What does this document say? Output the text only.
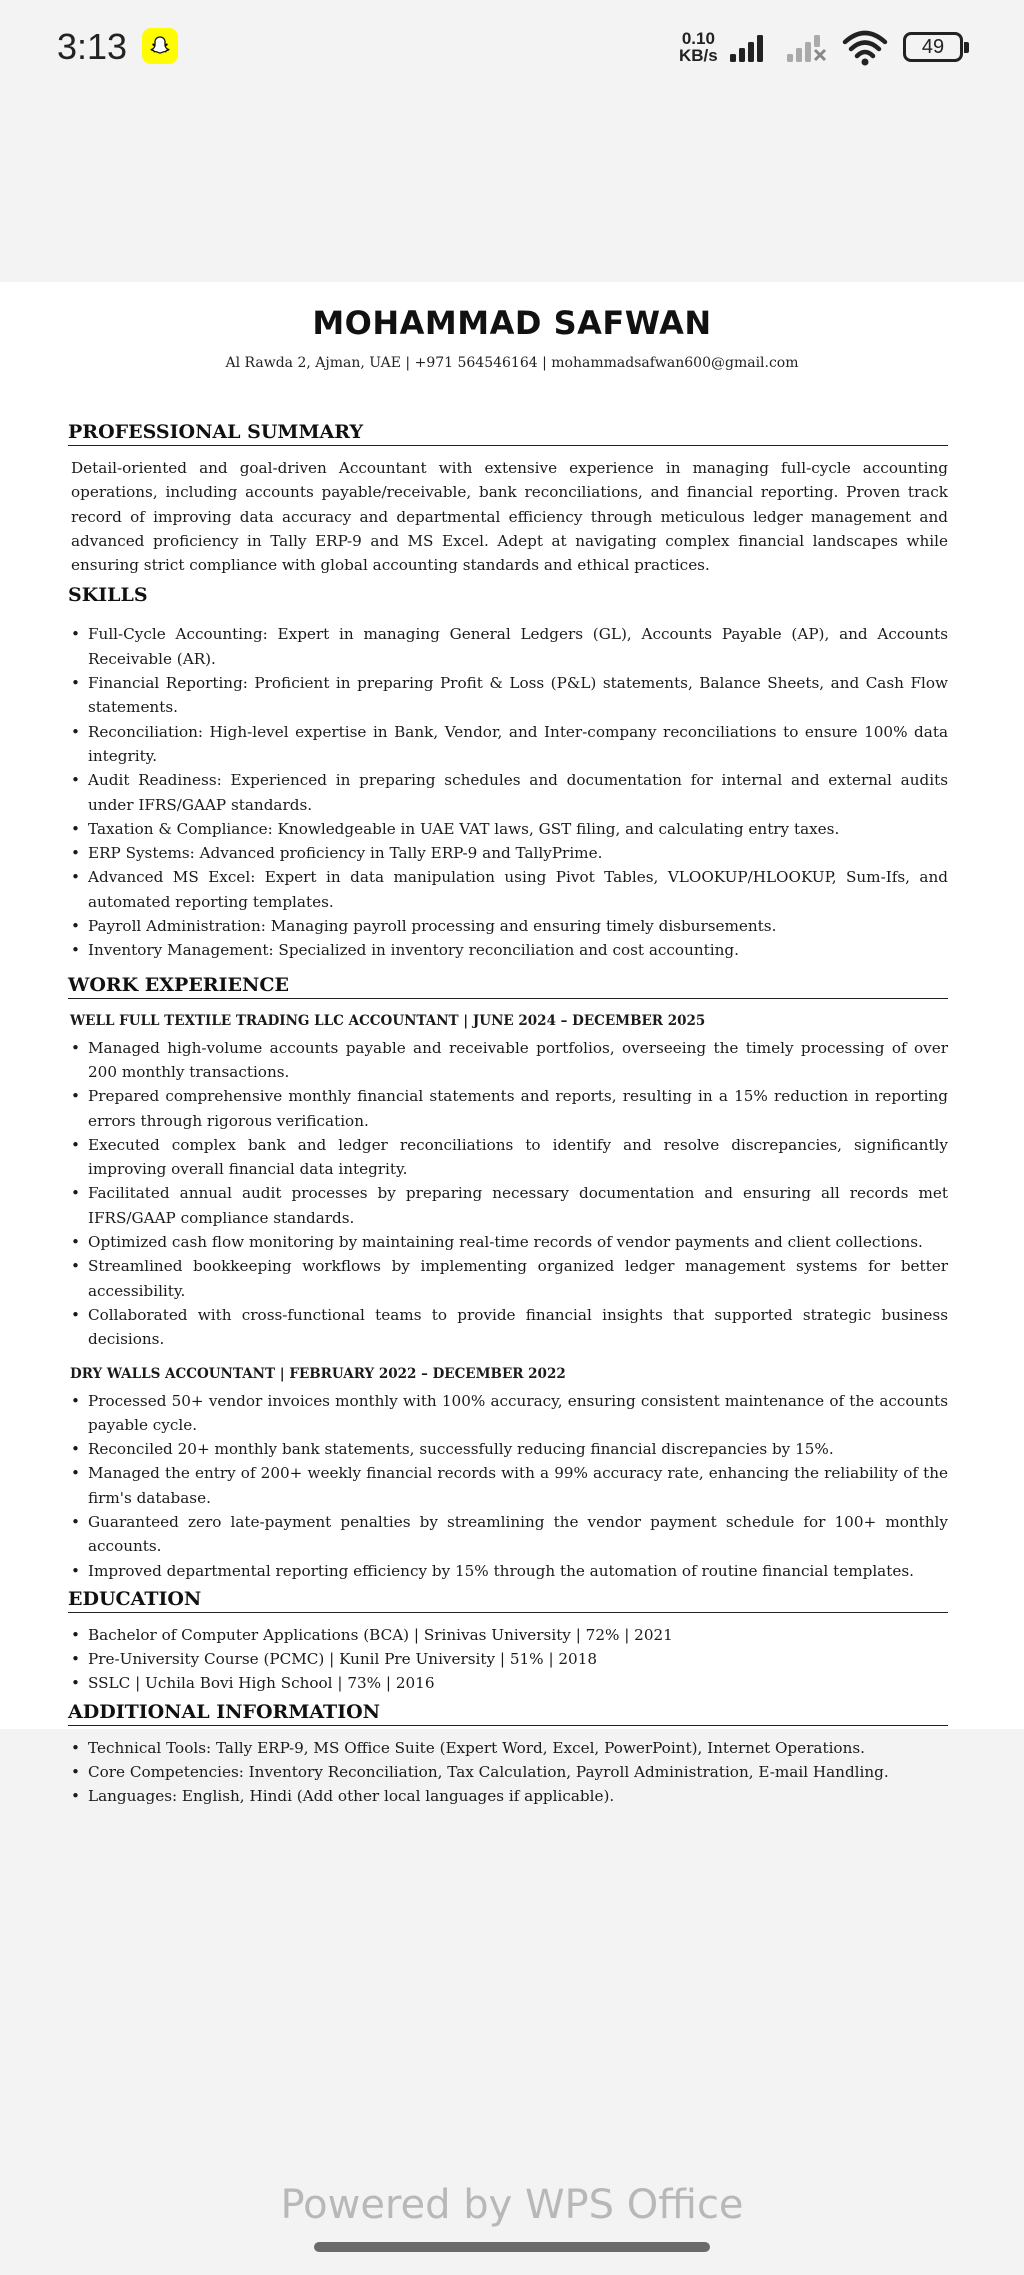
3:13	0.10
KB/s	49
MOHAMMAD SAFWAN
Al Rawda 2, Ajman, UAE | +971 564546164 | mohammadsafwan600@gmail.com
PROFESSIONAL SUMMARY

Detail-oriented and goal-driven Accountant with extensive experience in managing full-cycle accounting operations, including accounts payable/receivable, bank reconciliations, and financial reporting. Proven track record of improving data accuracy and departmental efficiency through meticulous ledger management and advanced proficiency in Tally ERP-9 and MS Excel. Adept at navigating complex financial landscapes while ensuring strict compliance with global accounting standards and ethical practices.

SKILLS
• Full-Cycle Accounting: Expert in managing General Ledgers (GL), Accounts Payable (AP), and Accounts Receivable (AR).
• Financial Reporting: Proficient in preparing Profit & Loss (P&L) statements, Balance Sheets, and Cash Flow statements.
• Reconciliation: High-level expertise in Bank, Vendor, and Inter-company reconciliations to ensure 100% data integrity.
• Audit Readiness: Experienced in preparing schedules and documentation for internal and external audits under IFRS/GAAP standards.
• Taxation & Compliance: Knowledgeable in UAE VAT laws, GST filing, and calculating entry taxes.
• ERP Systems: Advanced proficiency in Tally ERP-9 and TallyPrime.
• Advanced MS Excel: Expert in data manipulation using Pivot Tables, VLOOKUP/HLOOKUP, Sum-Ifs, and automated reporting templates.
• Payroll Administration: Managing payroll processing and ensuring timely disbursements.
• Inventory Management: Specialized in inventory reconciliation and cost accounting.
WORK EXPERIENCE
WELL FULL TEXTILE TRADING LLC ACCOUNTANT | JUNE 2024 – DECEMBER 2025
• Managed high-volume accounts payable and receivable portfolios, overseeing the timely processing of over 200 monthly transactions.
• Prepared comprehensive monthly financial statements and reports, resulting in a 15% reduction in reporting errors through rigorous verification.
• Executed complex bank and ledger reconciliations to identify and resolve discrepancies, significantly improving overall financial data integrity.
• Facilitated annual audit processes by preparing necessary documentation and ensuring all records met IFRS/GAAP compliance standards.
• Optimized cash flow monitoring by maintaining real-time records of vendor payments and client collections.
• Streamlined bookkeeping workflows by implementing organized ledger management systems for better accessibility.
• Collaborated with cross-functional teams to provide financial insights that supported strategic business decisions.
DRY WALLS ACCOUNTANT | FEBRUARY 2022 – DECEMBER 2022
• Processed 50+ vendor invoices monthly with 100% accuracy, ensuring consistent maintenance of the accounts payable cycle.
• Reconciled 20+ monthly bank statements, successfully reducing financial discrepancies by 15%.
• Managed the entry of 200+ weekly financial records with a 99% accuracy rate, enhancing the reliability of the firm's database.
• Guaranteed zero late-payment penalties by streamlining the vendor payment schedule for 100+ monthly accounts.
• Improved departmental reporting efficiency by 15% through the automation of routine financial templates.
EDUCATION
• Bachelor of Computer Applications (BCA) | Srinivas University | 72% | 2021
• Pre-University Course (PCMC) | Kunil Pre University | 51% | 2018
• SSLC | Uchila Bovi High School | 73% | 2016
ADDITIONAL INFORMATION
• Technical Tools: Tally ERP-9, MS Office Suite (Expert Word, Excel, PowerPoint), Internet Operations.
• Core Competencies: Inventory Reconciliation, Tax Calculation, Payroll Administration, E-mail Handling.
• Languages: English, Hindi (Add other local languages if applicable).
Powered by WPS Office
